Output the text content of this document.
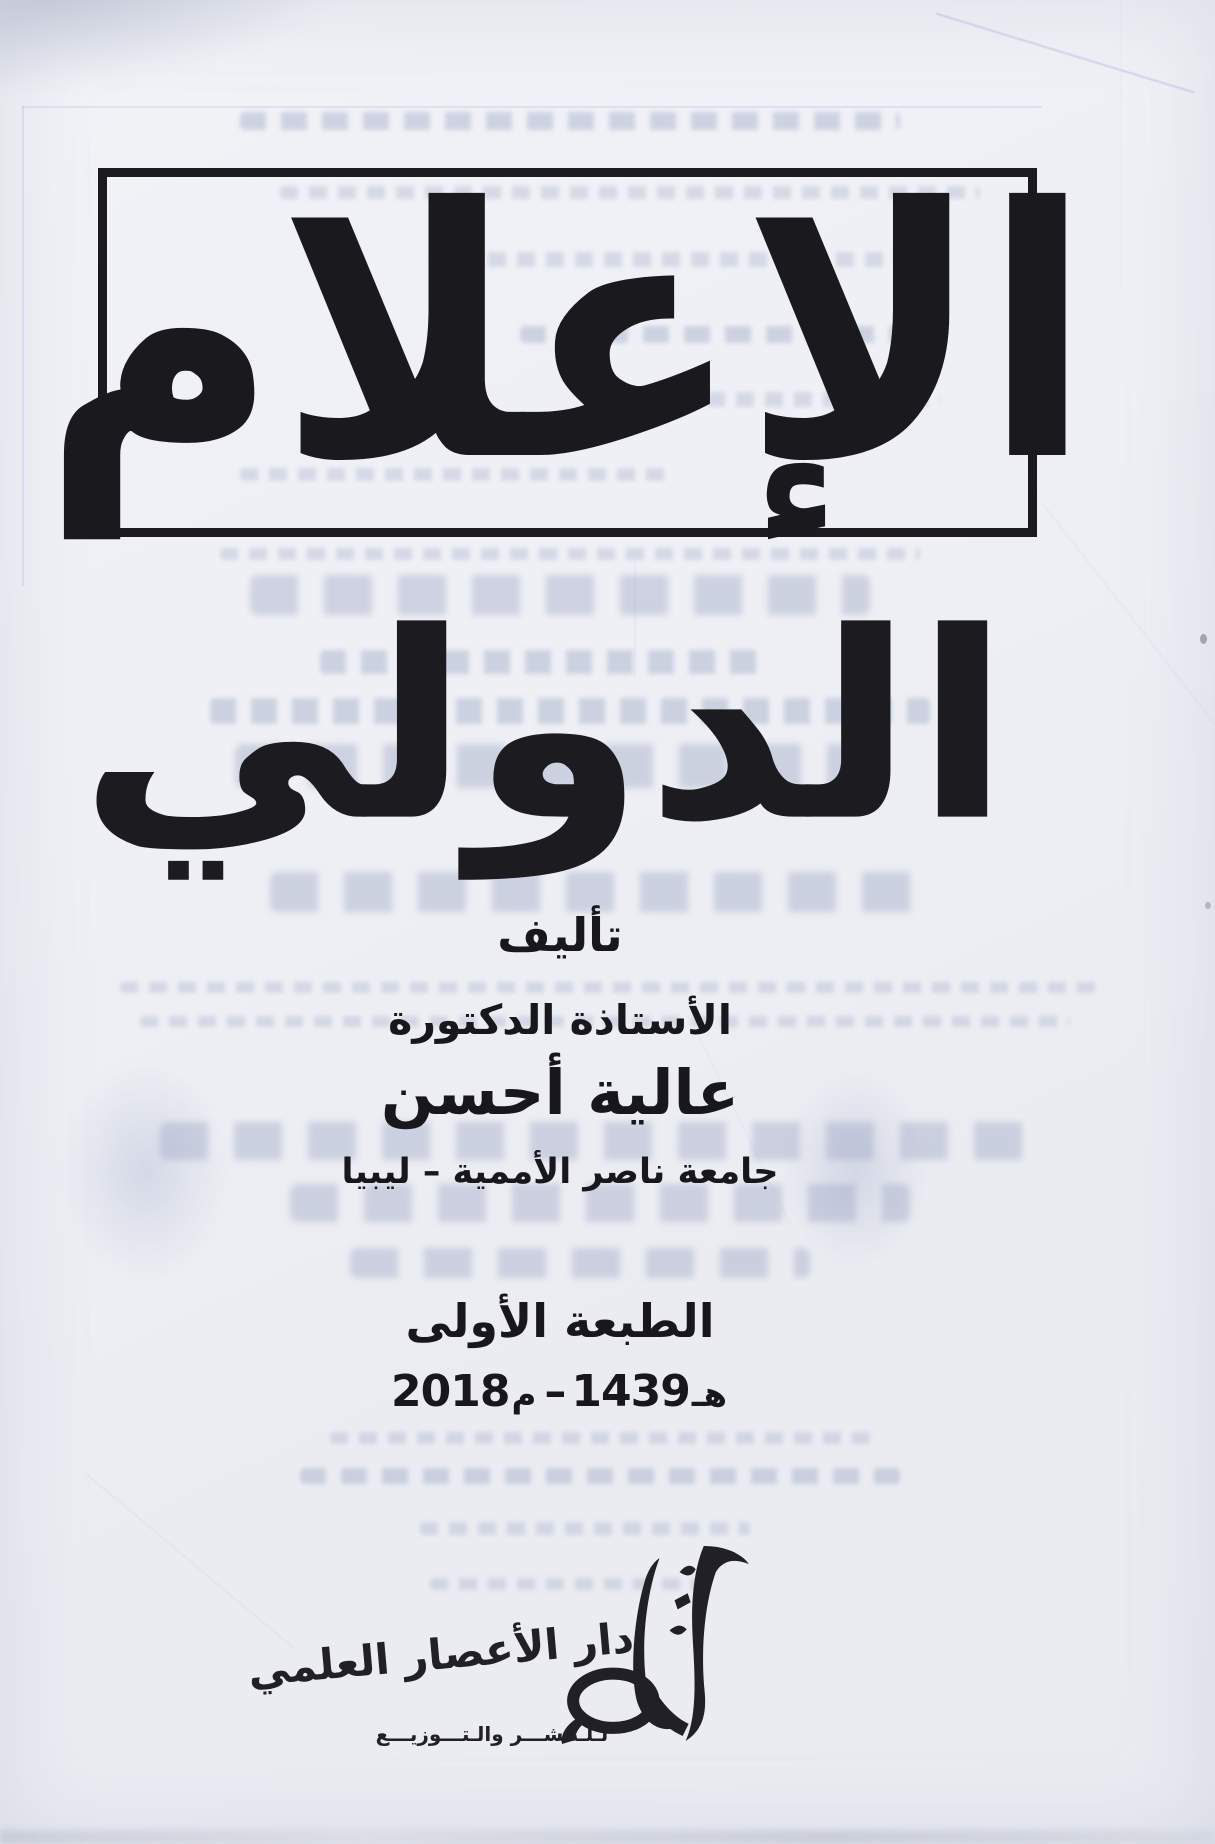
الإعلام
الدولي
تأليف
الأستاذة الدكتورة
عالية أحسن
جامعة ناصر الأممية – ليبيا
الطبعة الأولى
2018 م – 1439 هـ
دار الأعصار العلمي
لـلـنـشـــر والـتـــوزيـــع
